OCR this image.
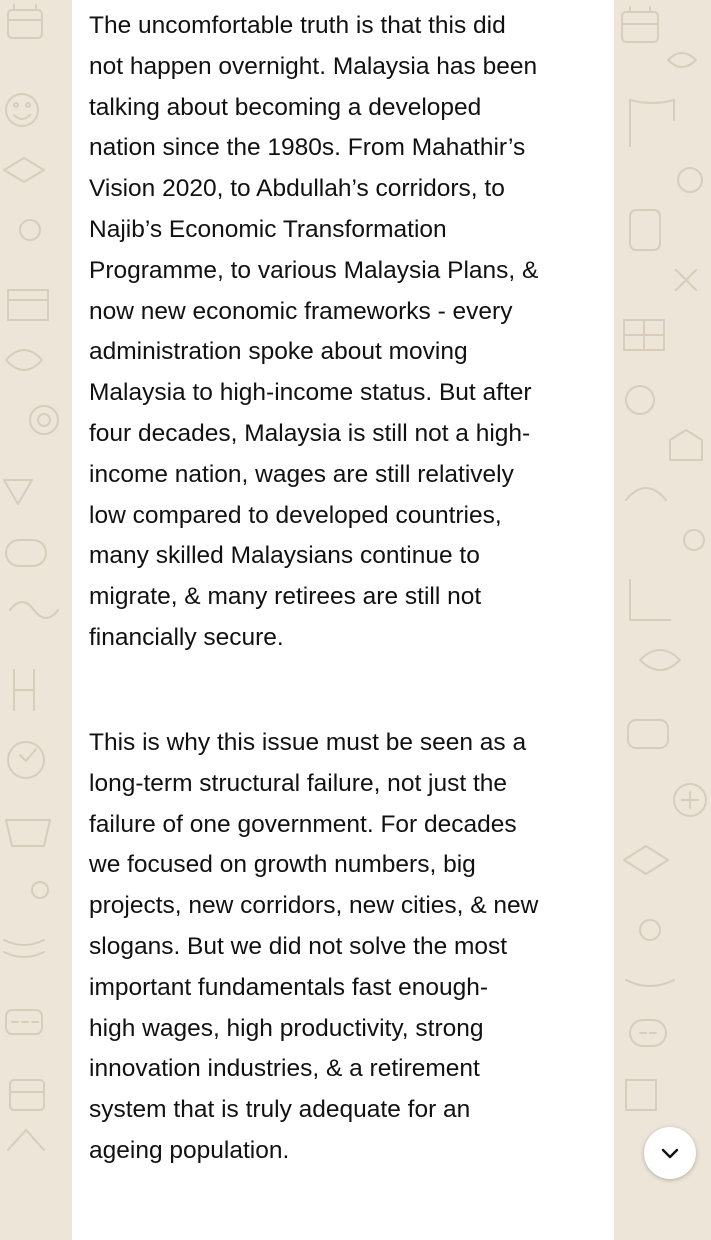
The uncomfortable truth is that this did
not happen overnight. Malaysia has been
talking about becoming a developed
nation since the 1980s. From Mahathir’s
Vision 2020, to Abdullah’s corridors, to
Najib’s Economic Transformation
Programme, to various Malaysia Plans, &
now new economic frameworks - every
administration spoke about moving
Malaysia to high-income status. But after
four decades, Malaysia is still not a high-
income nation, wages are still relatively
low compared to developed countries,
many skilled Malaysians continue to
migrate, & many retirees are still not
financially secure.

This is why this issue must be seen as a
long-term structural failure, not just the
failure of one government. For decades
we focused on growth numbers, big
projects, new corridors, new cities, & new
slogans. But we did not solve the most
important fundamentals fast enough-
high wages, high productivity, strong
innovation industries, & a retirement
system that is truly adequate for an
ageing population.
